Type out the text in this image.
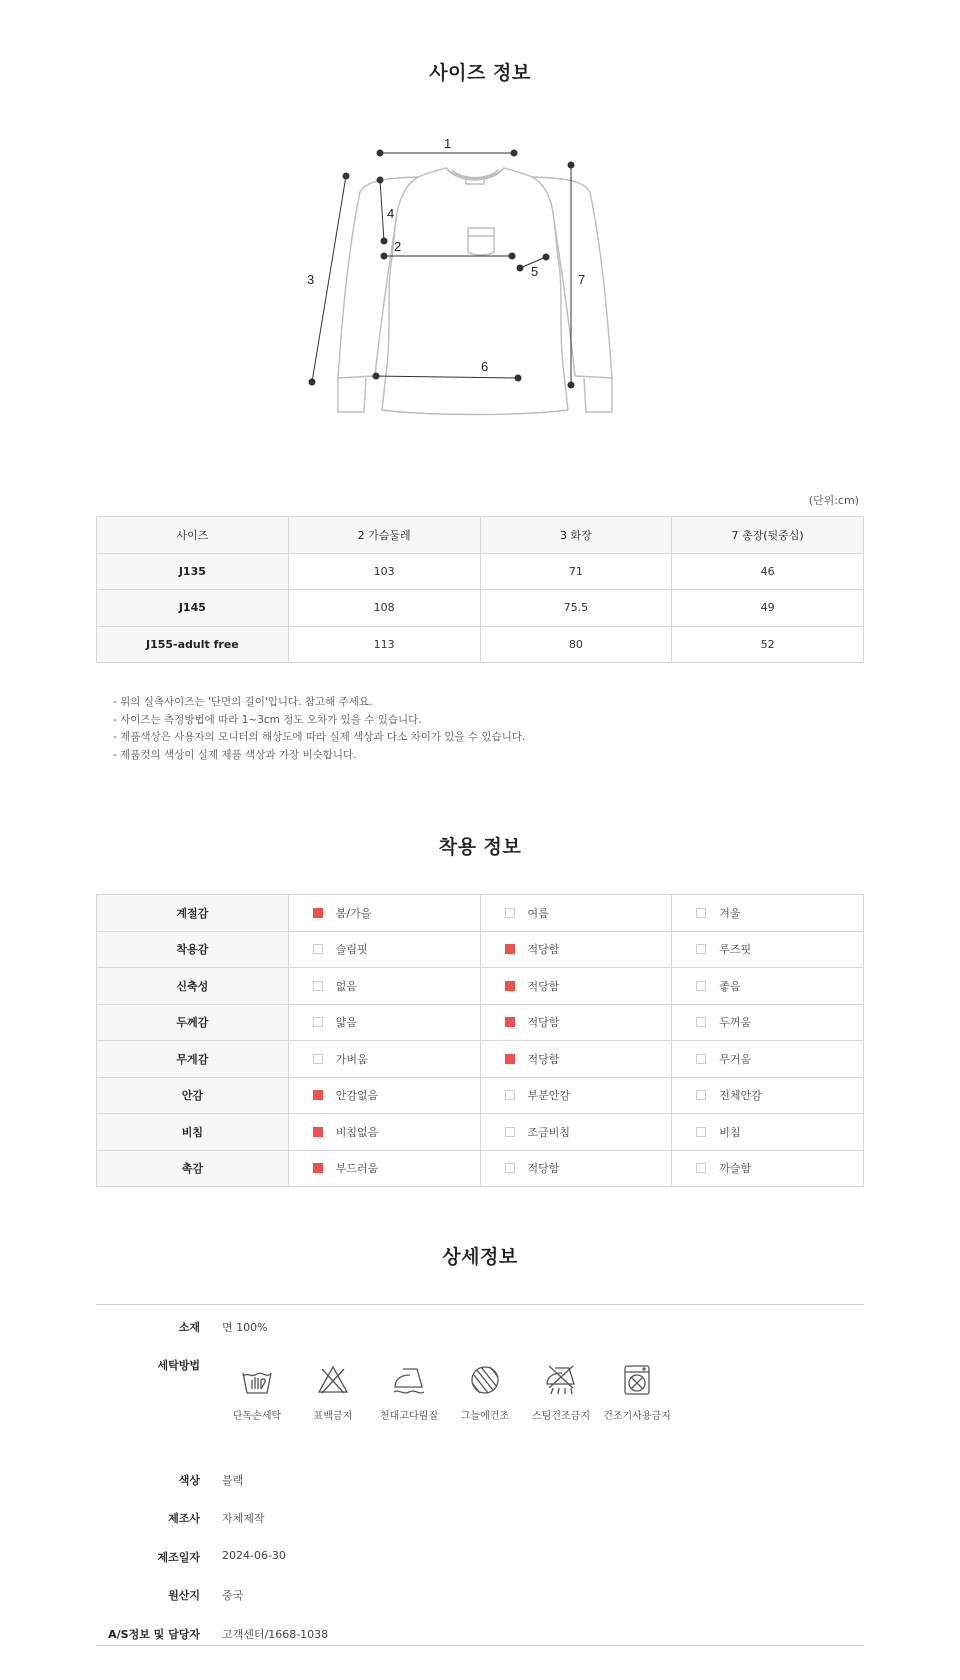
사이즈 정보
1
2
3
4
5
6
7
(단위:cm)
사이즈	2 가슴둘레	3 화장	7 총장(뒷중심)
J135	103	71	46
J145	108	75.5	49
J155-adult free	113	80	52
- 위의 실측사이즈는 '단면의 길이'입니다. 참고해 주세요.
- 사이즈는 측정방법에 따라 1~3cm 정도 오차가 있을 수 있습니다.
- 제품색상은 사용자의 모니터의 해상도에 따라 실제 색상과 다소 차이가 있을 수 있습니다.
- 제품컷의 색상이 실제 제품 색상과 가장 비슷합니다.
착용 정보
계절감	봄/가을	여름	겨울

착용감	슬림핏	적당함	루즈핏

신축성	없음	적당함	좋음

두께감	얇음	적당함	두꺼움

무게감	가벼움	적당함	무거움

안감	안감없음	부분안감	전체안감

비침	비침없음	조금비침	비침

촉감	부드러움	적당함	까슬함
상세정보
소재 면 100%
세탁방법
단독손세탁	표백금지	천대고다림질	그늘에건조	스팀건조금지	건조기사용금지
색상 블랙
제조사 자체제작
제조일자 2024-06-30
원산지 중국
A/S정보 및 담당자 고객센터/1668-1038
